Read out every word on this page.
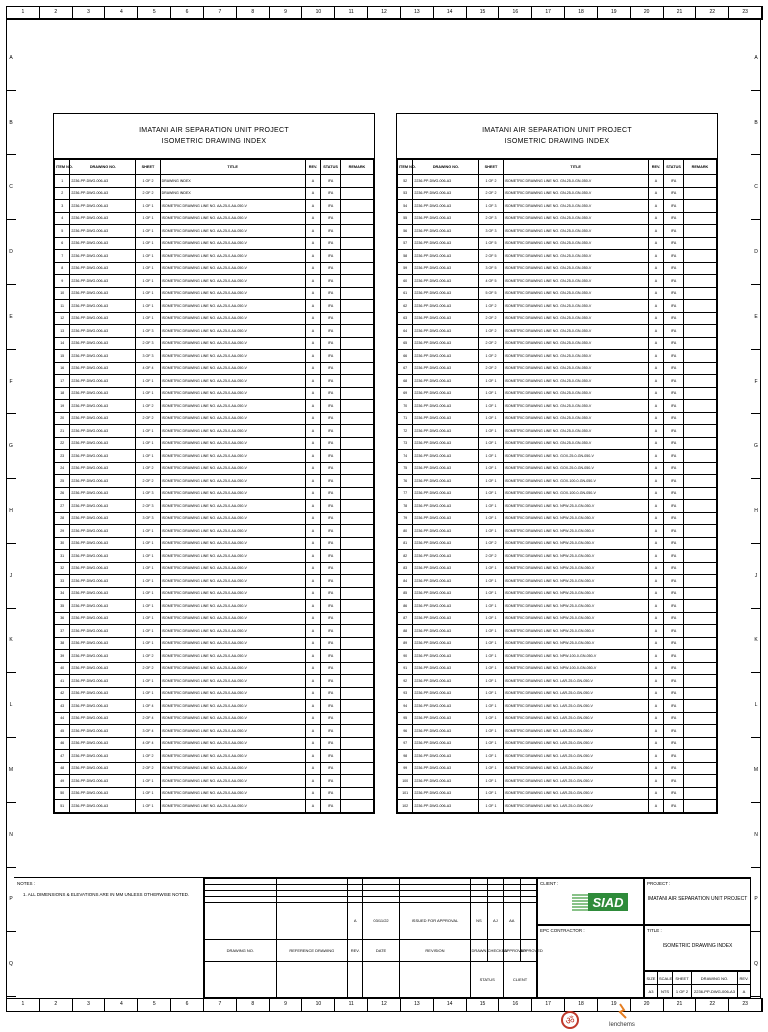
1	2	3	4	5	6	7	8	9	10	11	12	13	14	15	16	17	18	19	20	21	22	23
1	2	3	4	5	6	7	8	9	10	11	12	13	14	15	16	17	18	19	20	21	22	23
A
B
C
D
E
F
G
H
J
K
L
M
N
P
Q
A
B
C
D
E
F
G
H
J
K
L
M
N
P
Q
IMATANI AIR SEPARATION UNIT PROJECT
ISOMETRIC DRAWING INDEX
ITEM NO.	DRAWING NO.	SHEET	TITLE	REV.	STATUS	REMARK
1	2236-PP-DWG-006-A3	1 OF 2	DRAWING INDEX	A	IFA	
2	2236-PP-DWG-006-A3	2 OF 2	DRAWING INDEX	A	IFA	
3	2236-PP-DWG-006-A3	1 OF 1	ISOMETRIC DRAWING LINE NO. AA-25-0-AA-050-V	A	IFA	
4	2236-PP-DWG-006-A3	1 OF 1	ISOMETRIC DRAWING LINE NO. AA-25-0-AA-050-V	A	IFA	
5	2236-PP-DWG-006-A3	1 OF 1	ISOMETRIC DRAWING LINE NO. AA-25-0-AA-050-V	A	IFA	
6	2236-PP-DWG-006-A3	1 OF 1	ISOMETRIC DRAWING LINE NO. AA-25-0-AA-050-V	A	IFA	
7	2236-PP-DWG-006-A3	1 OF 1	ISOMETRIC DRAWING LINE NO. AA-25-0-AA-050-V	A	IFA	
8	2236-PP-DWG-006-A3	1 OF 1	ISOMETRIC DRAWING LINE NO. AA-25-0-AA-050-V	A	IFA	
9	2236-PP-DWG-006-A3	1 OF 1	ISOMETRIC DRAWING LINE NO. AA-25-0-AA-050-V	A	IFA	
10	2236-PP-DWG-006-A3	1 OF 1	ISOMETRIC DRAWING LINE NO. AA-25-0-AA-050-V	A	IFA	
11	2236-PP-DWG-006-A3	1 OF 1	ISOMETRIC DRAWING LINE NO. AA-25-0-AA-050-V	A	IFA	
12	2236-PP-DWG-006-A3	1 OF 1	ISOMETRIC DRAWING LINE NO. AA-25-0-AA-050-V	A	IFA	
13	2236-PP-DWG-006-A3	1 OF 3	ISOMETRIC DRAWING LINE NO. AA-25-0-AA-050-V	A	IFA	
14	2236-PP-DWG-006-A3	2 OF 3	ISOMETRIC DRAWING LINE NO. AA-25-0-AA-050-V	A	IFA	
15	2236-PP-DWG-006-A3	3 OF 3	ISOMETRIC DRAWING LINE NO. AA-25-0-AA-050-V	A	IFA	
16	2236-PP-DWG-006-A3	4 OF 4	ISOMETRIC DRAWING LINE NO. AA-25-0-AA-050-V	A	IFA	
17	2236-PP-DWG-006-A3	1 OF 1	ISOMETRIC DRAWING LINE NO. AA-25-0-AA-050-V	A	IFA	
18	2236-PP-DWG-006-A3	1 OF 1	ISOMETRIC DRAWING LINE NO. AA-25-0-AA-050-V	A	IFA	
19	2236-PP-DWG-006-A3	1 OF 2	ISOMETRIC DRAWING LINE NO. AA-25-0-AA-050-V	A	IFA	
20	2236-PP-DWG-006-A3	2 OF 2	ISOMETRIC DRAWING LINE NO. AA-25-0-AA-050-V	A	IFA	
21	2236-PP-DWG-006-A3	1 OF 1	ISOMETRIC DRAWING LINE NO. AA-25-0-AA-050-V	A	IFA	
22	2236-PP-DWG-006-A3	1 OF 1	ISOMETRIC DRAWING LINE NO. AA-25-0-AA-050-V	A	IFA	
23	2236-PP-DWG-006-A3	1 OF 1	ISOMETRIC DRAWING LINE NO. AA-25-0-AA-050-V	A	IFA	
24	2236-PP-DWG-006-A3	1 OF 2	ISOMETRIC DRAWING LINE NO. AA-25-0-AA-050-V	A	IFA	
25	2236-PP-DWG-006-A3	2 OF 2	ISOMETRIC DRAWING LINE NO. AA-25-0-AA-050-V	A	IFA	
26	2236-PP-DWG-006-A3	1 OF 3	ISOMETRIC DRAWING LINE NO. AA-25-0-AA-050-V	A	IFA	
27	2236-PP-DWG-006-A3	2 OF 3	ISOMETRIC DRAWING LINE NO. AA-25-0-AA-050-V	A	IFA	
28	2236-PP-DWG-006-A3	3 OF 3	ISOMETRIC DRAWING LINE NO. AA-25-0-AA-050-V	A	IFA	
29	2236-PP-DWG-006-A3	1 OF 1	ISOMETRIC DRAWING LINE NO. AA-25-0-AA-050-V	A	IFA	
30	2236-PP-DWG-006-A3	1 OF 1	ISOMETRIC DRAWING LINE NO. AA-25-0-AA-050-V	A	IFA	
31	2236-PP-DWG-006-A3	1 OF 1	ISOMETRIC DRAWING LINE NO. AA-25-0-AA-050-V	A	IFA	
32	2236-PP-DWG-006-A3	1 OF 1	ISOMETRIC DRAWING LINE NO. AA-25-0-AA-050-V	A	IFA	
33	2236-PP-DWG-006-A3	1 OF 1	ISOMETRIC DRAWING LINE NO. AA-25-0-AA-050-V	A	IFA	
34	2236-PP-DWG-006-A3	1 OF 1	ISOMETRIC DRAWING LINE NO. AA-25-0-AA-050-V	A	IFA	
35	2236-PP-DWG-006-A3	1 OF 1	ISOMETRIC DRAWING LINE NO. AA-25-0-AA-050-V	A	IFA	
36	2236-PP-DWG-006-A3	1 OF 1	ISOMETRIC DRAWING LINE NO. AA-25-0-AA-050-V	A	IFA	
37	2236-PP-DWG-006-A3	1 OF 1	ISOMETRIC DRAWING LINE NO. AA-25-0-AA-050-V	A	IFA	
38	2236-PP-DWG-006-A3	1 OF 1	ISOMETRIC DRAWING LINE NO. AA-25-0-AA-050-V	A	IFA	
39	2236-PP-DWG-006-A3	1 OF 2	ISOMETRIC DRAWING LINE NO. AA-25-0-AA-050-V	A	IFA	
40	2236-PP-DWG-006-A3	2 OF 2	ISOMETRIC DRAWING LINE NO. AA-25-0-AA-050-V	A	IFA	
41	2236-PP-DWG-006-A3	1 OF 1	ISOMETRIC DRAWING LINE NO. AA-25-0-AA-050-V	A	IFA	
42	2236-PP-DWG-006-A3	1 OF 1	ISOMETRIC DRAWING LINE NO. AA-25-0-AA-050-V	A	IFA	
43	2236-PP-DWG-006-A3	1 OF 4	ISOMETRIC DRAWING LINE NO. AA-25-0-AA-050-V	A	IFA	
44	2236-PP-DWG-006-A3	2 OF 4	ISOMETRIC DRAWING LINE NO. AA-25-0-AA-050-V	A	IFA	
45	2236-PP-DWG-006-A3	3 OF 4	ISOMETRIC DRAWING LINE NO. AA-25-0-AA-050-V	A	IFA	
46	2236-PP-DWG-006-A3	4 OF 4	ISOMETRIC DRAWING LINE NO. AA-25-0-AA-050-V	A	IFA	
47	2236-PP-DWG-006-A3	1 OF 2	ISOMETRIC DRAWING LINE NO. AA-25-0-AA-050-V	A	IFA	
48	2236-PP-DWG-006-A3	2 OF 2	ISOMETRIC DRAWING LINE NO. AA-25-0-AA-050-V	A	IFA	
49	2236-PP-DWG-006-A3	1 OF 1	ISOMETRIC DRAWING LINE NO. AA-25-0-AA-050-V	A	IFA	
50	2236-PP-DWG-006-A3	1 OF 1	ISOMETRIC DRAWING LINE NO. AA-25-0-AA-050-V	A	IFA	
51	2236-PP-DWG-006-A3	1 OF 1	ISOMETRIC DRAWING LINE NO. AA-25-0-AA-050-V	A	IFA	
IMATANI AIR SEPARATION UNIT PROJECT
ISOMETRIC DRAWING INDEX
ITEM NO.	DRAWING NO.	SHEET	TITLE	REV.	STATUS	REMARK
52	2236-PP-DWG-006-A3	1 OF 2	ISOMETRIC DRAWING LINE NO. GN-25-0-GN-050-V	A	IFA	
53	2236-PP-DWG-006-A3	2 OF 2	ISOMETRIC DRAWING LINE NO. GN-25-0-GN-050-V	A	IFA	
54	2236-PP-DWG-006-A3	1 OF 3	ISOMETRIC DRAWING LINE NO. GN-25-0-GN-050-V	A	IFA	
55	2236-PP-DWG-006-A3	2 OF 3	ISOMETRIC DRAWING LINE NO. GN-25-0-GN-050-V	A	IFA	
56	2236-PP-DWG-006-A3	3 OF 3	ISOMETRIC DRAWING LINE NO. GN-25-0-GN-050-V	A	IFA	
57	2236-PP-DWG-006-A3	1 OF 5	ISOMETRIC DRAWING LINE NO. GN-25-0-GN-050-V	A	IFA	
58	2236-PP-DWG-006-A3	2 OF 5	ISOMETRIC DRAWING LINE NO. GN-25-0-GN-050-V	A	IFA	
59	2236-PP-DWG-006-A3	3 OF 5	ISOMETRIC DRAWING LINE NO. GN-25-0-GN-050-V	A	IFA	
60	2236-PP-DWG-006-A3	4 OF 5	ISOMETRIC DRAWING LINE NO. GN-25-0-GN-050-V	A	IFA	
61	2236-PP-DWG-006-A3	5 OF 5	ISOMETRIC DRAWING LINE NO. GN-25-0-GN-050-V	A	IFA	
62	2236-PP-DWG-006-A3	1 OF 2	ISOMETRIC DRAWING LINE NO. GN-25-0-GN-050-V	A	IFA	
63	2236-PP-DWG-006-A3	2 OF 2	ISOMETRIC DRAWING LINE NO. GN-25-0-GN-050-V	A	IFA	
64	2236-PP-DWG-006-A3	1 OF 2	ISOMETRIC DRAWING LINE NO. GN-25-0-GN-050-V	A	IFA	
65	2236-PP-DWG-006-A3	2 OF 2	ISOMETRIC DRAWING LINE NO. GN-25-0-GN-050-V	A	IFA	
66	2236-PP-DWG-006-A3	1 OF 2	ISOMETRIC DRAWING LINE NO. GN-25-0-GN-050-V	A	IFA	
67	2236-PP-DWG-006-A3	2 OF 2	ISOMETRIC DRAWING LINE NO. GN-25-0-GN-050-V	A	IFA	
68	2236-PP-DWG-006-A3	1 OF 1	ISOMETRIC DRAWING LINE NO. GN-25-0-GN-050-V	A	IFA	
69	2236-PP-DWG-006-A3	1 OF 1	ISOMETRIC DRAWING LINE NO. GN-25-0-GN-050-V	A	IFA	
70	2236-PP-DWG-006-A3	1 OF 1	ISOMETRIC DRAWING LINE NO. GN-25-0-GN-050-V	A	IFA	
71	2236-PP-DWG-006-A3	1 OF 1	ISOMETRIC DRAWING LINE NO. GN-25-0-GN-050-V	A	IFA	
72	2236-PP-DWG-006-A3	1 OF 1	ISOMETRIC DRAWING LINE NO. GN-25-0-GN-050-V	A	IFA	
73	2236-PP-DWG-006-A3	1 OF 1	ISOMETRIC DRAWING LINE NO. GN-25-0-GN-050-V	A	IFA	
74	2236-PP-DWG-006-A3	1 OF 1	ISOMETRIC DRAWING LINE NO. GOX-25-0-GN-050-V	A	IFA	
75	2236-PP-DWG-006-A3	1 OF 1	ISOMETRIC DRAWING LINE NO. GOX-25-0-GN-050-V	A	IFA	
76	2236-PP-DWG-006-A3	1 OF 1	ISOMETRIC DRAWING LINE NO. GOX-100-0-GN-050-V	A	IFA	
77	2236-PP-DWG-006-A3	1 OF 1	ISOMETRIC DRAWING LINE NO. GOX-100-0-GN-050-V	A	IFA	
78	2236-PP-DWG-006-A3	1 OF 1	ISOMETRIC DRAWING LINE NO. NPW-25-0-GN-050-V	A	IFA	
79	2236-PP-DWG-006-A3	1 OF 1	ISOMETRIC DRAWING LINE NO. NPW-25-0-GN-050-V	A	IFA	
80	2236-PP-DWG-006-A3	1 OF 1	ISOMETRIC DRAWING LINE NO. NPW-25-0-GN-050-V	A	IFA	
81	2236-PP-DWG-006-A3	1 OF 2	ISOMETRIC DRAWING LINE NO. NPW-25-0-GN-050-V	A	IFA	
82	2236-PP-DWG-006-A3	2 OF 2	ISOMETRIC DRAWING LINE NO. NPW-25-0-GN-050-V	A	IFA	
83	2236-PP-DWG-006-A3	1 OF 1	ISOMETRIC DRAWING LINE NO. NPW-25-0-GN-050-V	A	IFA	
84	2236-PP-DWG-006-A3	1 OF 1	ISOMETRIC DRAWING LINE NO. NPW-25-0-GN-050-V	A	IFA	
85	2236-PP-DWG-006-A3	1 OF 1	ISOMETRIC DRAWING LINE NO. NPW-25-0-GN-050-V	A	IFA	
86	2236-PP-DWG-006-A3	1 OF 1	ISOMETRIC DRAWING LINE NO. NPW-25-0-GN-050-V	A	IFA	
87	2236-PP-DWG-006-A3	1 OF 1	ISOMETRIC DRAWING LINE NO. NPW-25-0-GN-050-V	A	IFA	
88	2236-PP-DWG-006-A3	1 OF 1	ISOMETRIC DRAWING LINE NO. NPW-25-0-GN-050-V	A	IFA	
89	2236-PP-DWG-006-A3	1 OF 1	ISOMETRIC DRAWING LINE NO. NPW-25-0-GN-050-V	A	IFA	
90	2236-PP-DWG-006-A3	1 OF 1	ISOMETRIC DRAWING LINE NO. NPW-100-0-GN-050-V	A	IFA	
91	2236-PP-DWG-006-A3	1 OF 1	ISOMETRIC DRAWING LINE NO. NPW-100-0-GN-050-V	A	IFA	
92	2236-PP-DWG-006-A3	1 OF 1	ISOMETRIC DRAWING LINE NO. LAR-25-0-GN-050-V	A	IFA	
93	2236-PP-DWG-006-A3	1 OF 1	ISOMETRIC DRAWING LINE NO. LAR-25-0-GN-050-V	A	IFA	
94	2236-PP-DWG-006-A3	1 OF 1	ISOMETRIC DRAWING LINE NO. LAR-25-0-GN-050-V	A	IFA	
95	2236-PP-DWG-006-A3	1 OF 1	ISOMETRIC DRAWING LINE NO. LAR-25-0-GN-050-V	A	IFA	
96	2236-PP-DWG-006-A3	1 OF 1	ISOMETRIC DRAWING LINE NO. LAR-25-0-GN-050-V	A	IFA	
97	2236-PP-DWG-006-A3	1 OF 1	ISOMETRIC DRAWING LINE NO. LAR-25-0-GN-050-V	A	IFA	
98	2236-PP-DWG-006-A3	1 OF 1	ISOMETRIC DRAWING LINE NO. LAR-25-0-GN-050-V	A	IFA	
99	2236-PP-DWG-006-A3	1 OF 1	ISOMETRIC DRAWING LINE NO. LAR-25-0-GN-050-V	A	IFA	
100	2236-PP-DWG-006-A3	1 OF 1	ISOMETRIC DRAWING LINE NO. LAR-25-0-GN-050-V	A	IFA	
101	2236-PP-DWG-006-A3	1 OF 1	ISOMETRIC DRAWING LINE NO. LAR-25-0-GN-050-V	A	IFA	
102	2236-PP-DWG-006-A3	1 OF 1	ISOMETRIC DRAWING LINE NO. LAR-25-0-GN-050-V	A	IFA	
NOTES :
1. ALL DIMENSIONS & ELEVATIONS ARE IN MM UNLESS OTHERWISE NOTED.

		A	03/11/22	ISSUED FOR APPROVAL	NS	AJ	AA	
DRAWING NO.	REFERENCE DRAWING	REV.	DATE	REVISION	DRAWN	CHECKED	APPROVED	APPROVED
					STATUS		CLIENT	
CLIENT :
SIAD
PROJECT :
IMATANI AIR SEPARATION UNIT PROJECT
EPC CONTRACTOR :
ॐ	lenchems
TITLE :
ISOMETRIC DRAWING INDEX
SIZE	SCALE	SHEET	DRAWING NO.	REV.
A3	NTS	1 OF 2	2236-PP-DWG-006-A3	A
